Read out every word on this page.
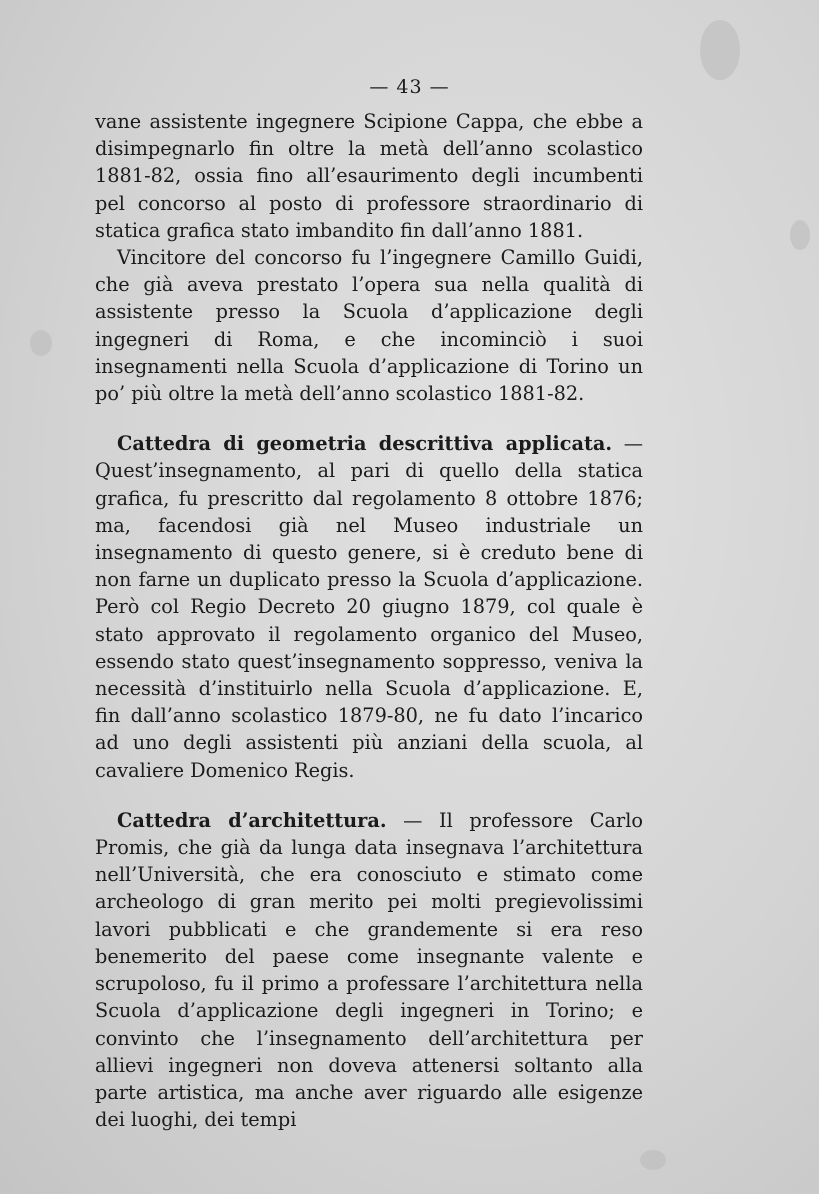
— 43 —

vane assistente ingegnere Scipione Cappa, che ebbe a disimpegnarlo fin oltre la metà dell’anno scolastico 1881-82, ossia fino all’esaurimento degli incumbenti pel concorso al posto di professore straordinario di statica grafica stato imbandito fin dall’anno 1881.

Vincitore del concorso fu l’ingegnere Camillo Guidi, che già aveva prestato l’opera sua nella qualità di assistente presso la Scuola d’applicazione degli ingegneri di Roma, e che incominciò i suoi insegnamenti nella Scuola d’applicazione di Torino un po’ più oltre la metà dell’anno scolastico 1881-82.

Cattedra di geometria descrittiva applicata. — Quest’insegnamento, al pari di quello della statica grafica, fu prescritto dal regolamento 8 ottobre 1876; ma, facendosi già nel Museo industriale un insegnamento di questo genere, si è creduto bene di non farne un duplicato presso la Scuola d’applicazione. Però col Regio Decreto 20 giugno 1879, col quale è stato approvato il regolamento organico del Museo, essendo stato quest’insegnamento soppresso, veniva la necessità d’instituirlo nella Scuola d’applicazione. E, fin dall’anno scolastico 1879-80, ne fu dato l’incarico ad uno degli assistenti più anziani della scuola, al cavaliere Domenico Regis.

Cattedra d’architettura. — Il professore Carlo Promis, che già da lunga data insegnava l’architettura nell’Università, che era conosciuto e stimato come archeologo di gran merito pei molti pregievolissimi lavori pubblicati e che grandemente si era reso benemerito del paese come insegnante valente e scrupoloso, fu il primo a professare l’architettura nella Scuola d’applicazione degli ingegneri in Torino; e convinto che l’insegnamento dell’architettura per allievi ingegneri non doveva attenersi soltanto alla parte artistica, ma anche aver riguardo alle esigenze dei luoghi, dei tempi
